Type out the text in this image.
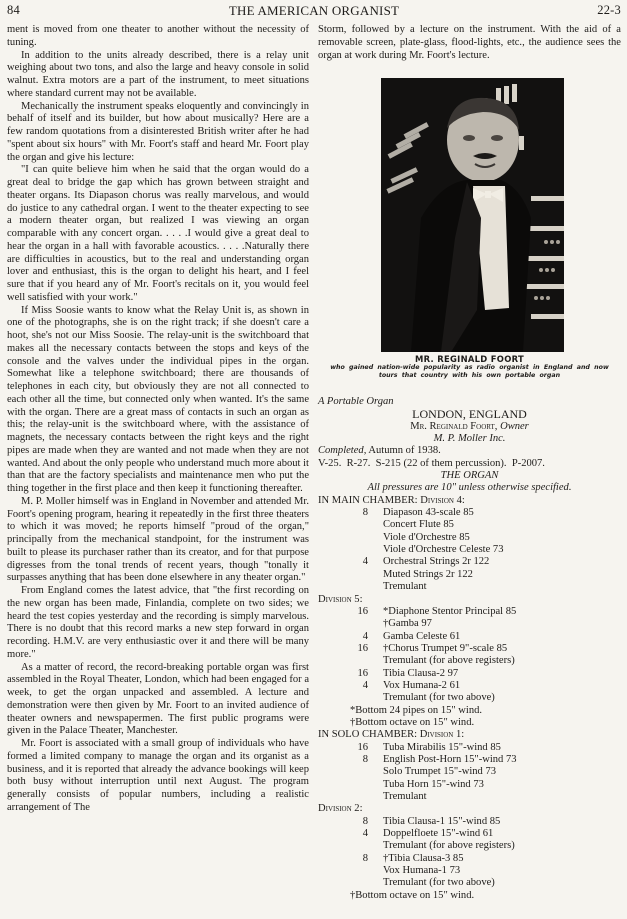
84	THE AMERICAN ORGANIST	22-3

ment is moved from one theater to another without the necessity of tuning.

In addition to the units already described, there is a relay unit weighing about two tons, and also the large and heavy console in solid walnut. Extra motors are a part of the instrument, to meet situations where standard current may not be available.

Mechanically the instrument speaks eloquently and convincingly in behalf of itself and its builder, but how about musically? Here are a few random quotations from a disinterested British writer after he had "spent about six hours" with Mr. Foort's staff and heard Mr. Foort play the organ and give his lecture:

"I can quite believe him when he said that the organ would do a great deal to bridge the gap which has grown between straight and theater organs. Its Diapason chorus was really marvelous, and would do justice to any cathedral organ. I went to the theater expecting to see a modern theater organ, but realized I was viewing an organ comparable with any concert organ. . . . .I would give a great deal to hear the organ in a hall with favorable acoustics. . . . .Naturally there are difficulties in acoustics, but to the real and understanding organ lover and enthusiast, this is the organ to delight his heart, and I feel sure that if you heard any of Mr. Foort's recitals on it, you would feel well satisfied with your work."

If Miss Soosie wants to know what the Relay Unit is, as shown in one of the photographs, she is on the right track; if she doesn't care a hoot, she's not our Miss Soosie. The relay-unit is the switchboard that makes all the necessary contacts between the stops and keys of the console and the valves under the individual pipes in the organ. Somewhat like a telephone switchboard; there are thousands of telephones in each city, but obviously they are not all connected to each other all the time, but connected only when wanted. It's the same with the organ. There are a great mass of contacts in such an organ as this; the relay-unit is the switchboard where, with the assistance of magnets, the necessary contacts between the right keys and the right pipes are made when they are wanted and not made when they are not wanted. And about the only people who understand much more about it than that are the factory specialists and maintenance men who put the thing together in the first place and then keep it functioning thereafter.

M. P. Moller himself was in England in November and attended Mr. Foort's opening program, hearing it repeatedly in the first three theaters to which it was moved; he reports himself "proud of the organ," principally from the mechanical standpoint, for the instrument was built to please its purchaser rather than its creator, and for that purpose digresses from the tonal trends of recent years, though "tonally it surpasses anything that has been done elsewhere in any theater organ."

From England comes the latest advice, that "the first recording on the new organ has been made, Finlandia, complete on two sides; we heard the test copies yesterday and the recording is simply marvelous. There is no doubt that this record marks a new step forward in organ recording. H.M.V. are very enthusiastic over it and there will be many more."

As a matter of record, the record-breaking portable organ was first assembled in the Royal Theater, London, which had been engaged for a week, to get the organ unpacked and assembled. A lecture and demonstration were then given by Mr. Foort to an invited audience of theater owners and newspapermen. The first public programs were given in the Palace Theater, Manchester.

Mr. Foort is associated with a small group of individuals who have formed a limited company to manage the organ and its organist as a business, and it is reported that already the advance bookings will keep both busy without interruption until next August. The program generally consists of popular numbers, including a realistic arrangement of The

Storm, followed by a lecture on the instrument. With the aid of a removable screen, plate-glass, flood-lights, etc., the audience sees the organ at work during Mr. Foort's lecture.

MR. REGINALD FOORT
who gained nation-wide popularity as radio organist in England and now
tours that country with his own portable organ
A Portable Organ
LONDON, ENGLAND
Mr. Reginald Foort, Owner
M. P. Moller Inc.
Completed, Autumn of 1938.
V-25.  R-27.  S-215 (22 of them percussion).  P-2007.
THE ORGAN
All pressures are 10" unless otherwise specified.
IN MAIN CHAMBER: Division 4:
8 Diapason 43-scale 85
Concert Flute 85
Viole d'Orchestre 85
Viole d'Orchestre Celeste 73
4 Orchestral Strings 2r 122
Muted Strings 2r 122
Tremulant
Division 5:
16 *Diaphone Stentor Principal 85
†Gamba 97
4 Gamba Celeste 61
16 †Chorus Trumpet 9"-scale 85
Tremulant (for above registers)
16 Tibia Clausa-2 97
4 Vox Humana-2 61
Tremulant (for two above)
*Bottom 24 pipes on 15" wind.
†Bottom octave on 15" wind.
IN SOLO CHAMBER: Division 1:
16 Tuba Mirabilis 15"-wind 85
8 English Post-Horn 15"-wind 73
Solo Trumpet 15"-wind 73
Tuba Horn 15"-wind 73
Tremulant
Division 2:
8 Tibia Clausa-1 15"-wind 85
4 Doppelfloete 15"-wind 61
Tremulant (for above registers)
8 †Tibia Clausa-3 85
Vox Humana-1 73
Tremulant (for two above)
†Bottom octave on 15" wind.
